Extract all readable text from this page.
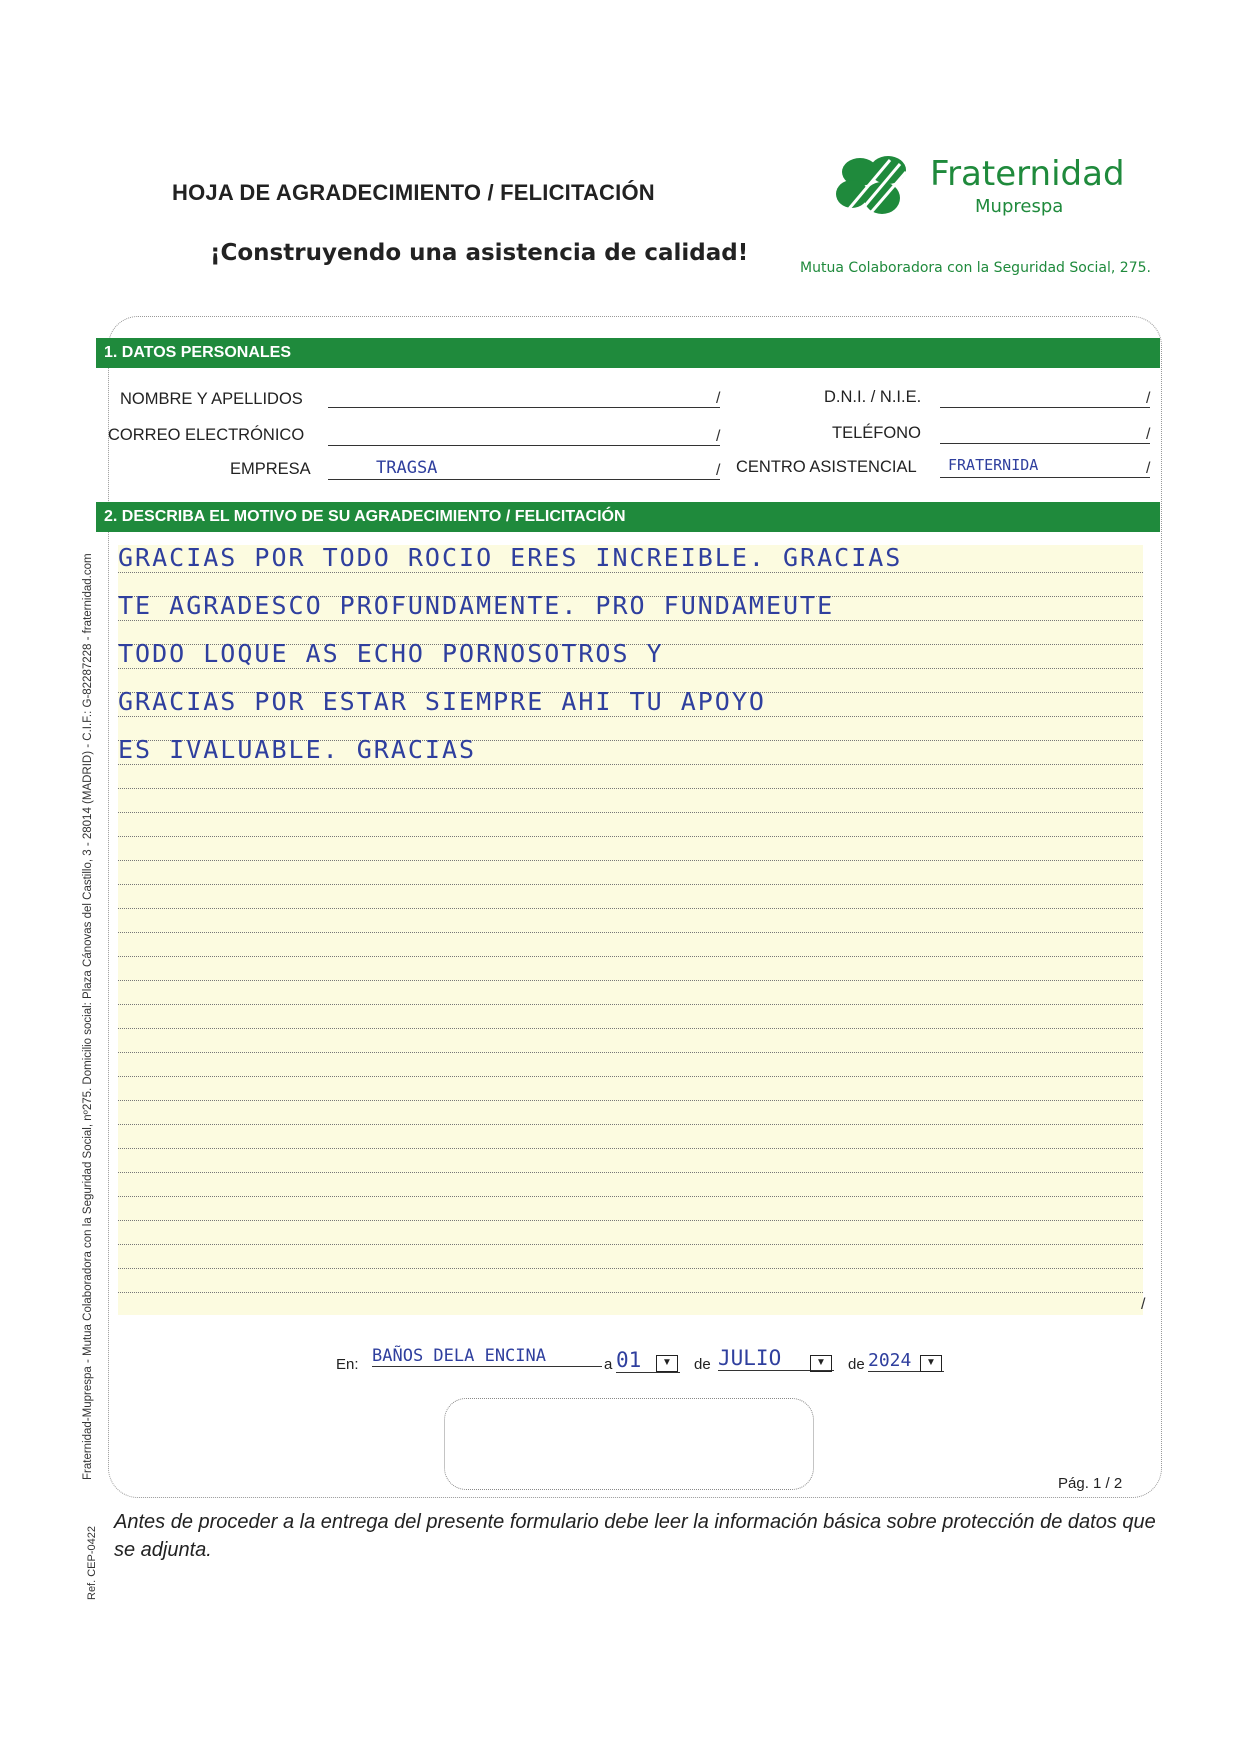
HOJA DE AGRADECIMIENTO / FELICITACIÓN
¡Construyendo una asistencia de calidad!
Fraternidad
Muprespa
Mutua Colaboradora con la Seguridad Social, 275.
Fraternidad-Muprespa - Mutua Colaboradora con la Seguridad Social, nº275. Domicilio social: Plaza Cánovas del Castillo, 3 - 28014 (MADRID) - C.I.F.: G-82287228 - fraternidad.com
Ref. CEP-0422
1. DATOS PERSONALES
NOMBRE Y APELLIDOS	/	D.N.I. / N.I.E.	/
CORREO ELECTRÓNICO	/	TELÉFONO	/
EMPRESA	TRAGSA	/ CENTRO ASISTENCIAL	FRATERNIDA	/
2. DESCRIBA EL MOTIVO DE SU AGRADECIMIENTO / FELICITACIÓN
GRACIAS POR TODO ROCIO ERES INCREIBLE. GRACIAS
TE AGRADESCO PROFUNDAMENTE. PRO FUNDAMEUTE
TODO LOQUE AS ECHO PORNOSOTROS Y
GRACIAS POR ESTAR SIEMPRE AHI TU APOYO
ES IVALUABLE. GRACIAS
/
En: BAÑOS DELA ENCINA	a 01	▼	de JULIO	▼	de 2024	▼
Pág. 1 / 2
Antes de proceder a la entrega del presente formulario debe leer la información básica sobre protección de datos que se adjunta.
